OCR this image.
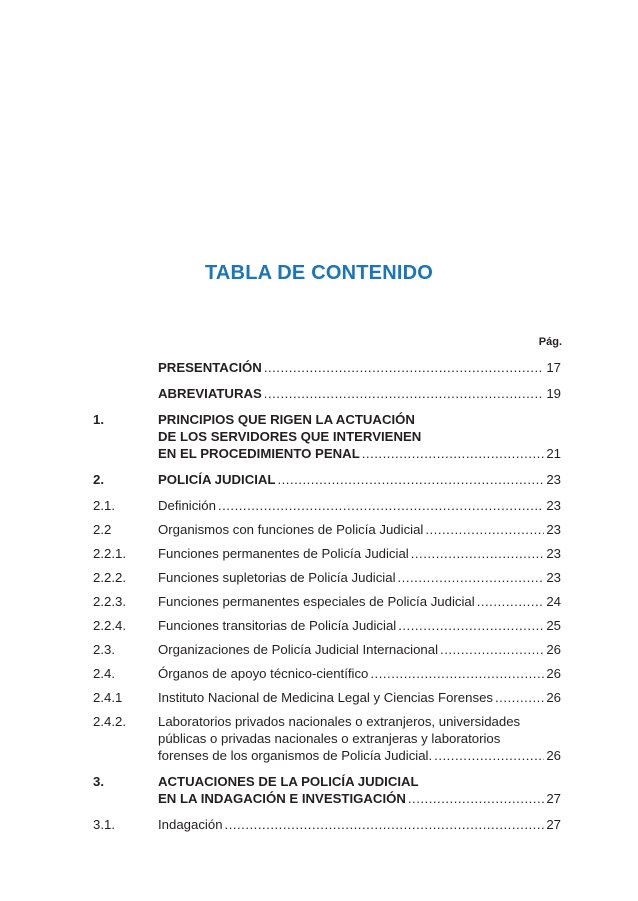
TABLA DE CONTENIDO
Pág.
PRESENTACIÓN .....	17
ABREVIATURAS .....	19
1.	PRINCIPIOS QUE RIGEN LA ACTUACIÓN
DE LOS SERVIDORES QUE INTERVIENEN
EN EL PROCEDIMIENTO PENAL .....	21
2.	POLICÍA JUDICIAL .....	23
2.1.	Definición .....	23
2.2	Organismos con funciones de Policía Judicial .....	23
2.2.1.	Funciones permanentes de Policía Judicial .....	23
2.2.2.	Funciones supletorias de Policía Judicial .....	23
2.2.3.	Funciones permanentes especiales de Policía Judicial .....	24
2.2.4.	Funciones transitorias de Policía Judicial .....	25
2.3.	Organizaciones de Policía Judicial Internacional .....	26
2.4.	Órganos de apoyo técnico-científico .....	26
2.4.1	Instituto Nacional de Medicina Legal y Ciencias Forenses .....	26
2.4.2.	Laboratorios privados nacionales o extranjeros, universidades
públicas o privadas nacionales o extranjeras y laboratorios
forenses de los organismos de Policía Judicial. .....	26
3.	ACTUACIONES DE LA POLICÍA JUDICIAL
EN LA INDAGACIÓN E INVESTIGACIÓN .....	27
3.1.	Indagación .....	27
